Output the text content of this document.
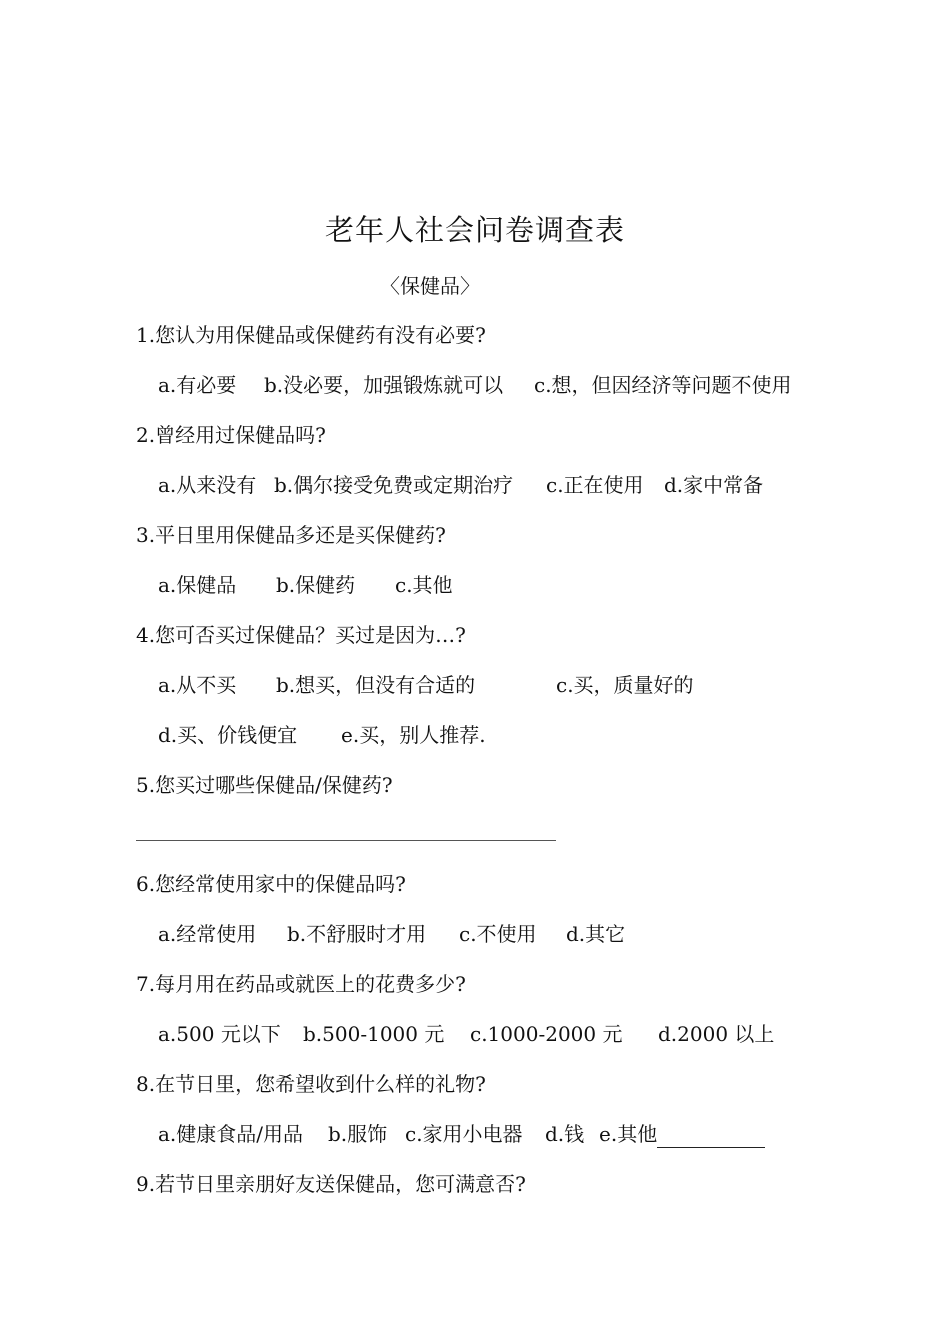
老年人社会问卷调查表
〈保健品〉
1.您认为用保健品或保健药有没有必要?
a.有必要 b.没必要，加强锻炼就可以 c.想，但因经济等问题不使用
2.曾经用过保健品吗?
a.从来没有 b.偶尔接受免费或定期治疗 c.正在使用 d.家中常备
3.平日里用保健品多还是买保健药?
a.保健品 b.保健药 c.其他
4.您可否买过保健品？买过是因为…?
a.从不买 b.想买，但没有合适的	c.买，质量好的
d.买、价钱便宜 e.买，别人推荐.
5.您买过哪些保健品/保健药?
6.您经常使用家中的保健品吗?
a.经常使用 b.不舒服时才用 c.不使用 d.其它
7.每月用在药品或就医上的花费多少?
a.500 元以下 b.500-1000 元 c.1000-2000 元 d.2000 以上
8.在节日里，您希望收到什么样的礼物?
a.健康食品/用品 b.服饰 c.家用小电器 d.钱 e.其他
9.若节日里亲朋好友送保健品，您可满意否?
